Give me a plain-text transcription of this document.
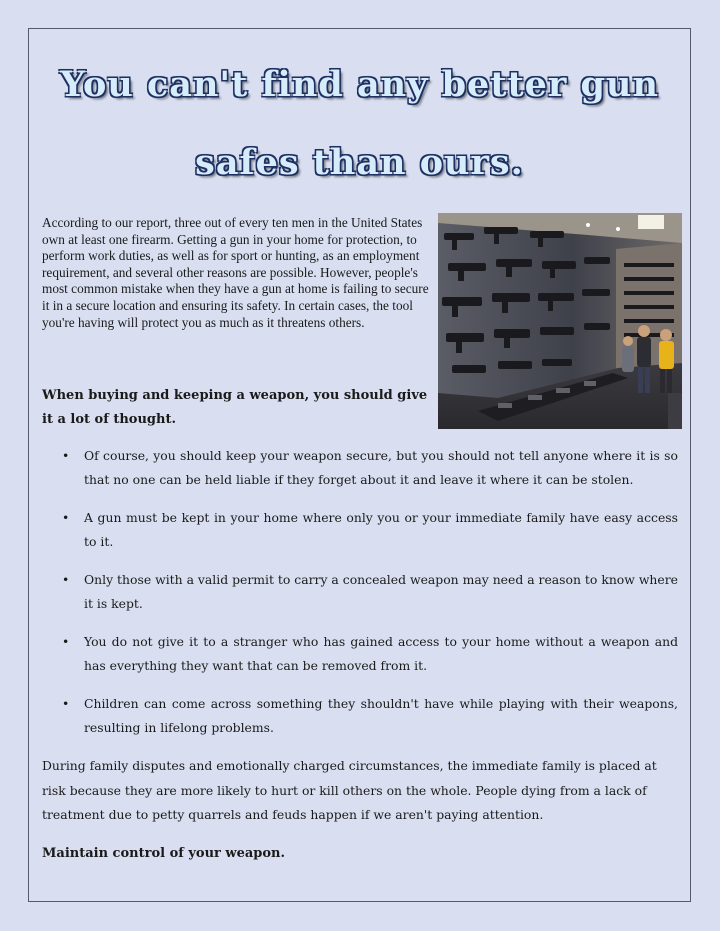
You can't find any better gun
safes than ours.

According to our report, three out of every ten men in the United States own at least one firearm. Getting a gun in your home for protection, to perform work duties, as well as for sport or hunting, as an employment requirement, and several other reasons are possible. However, people's most common mistake when they have a gun at home is failing to secure it in a secure location and ensuring its safety. In certain cases, the tool you're having will protect you as much as it threatens others.

When buying and keeping a weapon, you should give it a lot of thought.

• Of course, you should keep your weapon secure, but you should not tell anyone where it is so that no one can be held liable if they forget about it and leave it where it can be stolen.
• A gun must be kept in your home where only you or your immediate family have easy access to it.
• Only those with a valid permit to carry a concealed weapon may need a reason to know where it is kept.
• You do not give it to a stranger who has gained access to your home without a weapon and has everything they want that can be removed from it.
• Children can come across something they shouldn't have while playing with their weapons, resulting in lifelong problems.

During family disputes and emotionally charged circumstances, the immediate family is placed at risk because they are more likely to hurt or kill others on the whole. People dying from a lack of treatment due to petty quarrels and feuds happen if we aren't paying attention.

Maintain control of your weapon.
